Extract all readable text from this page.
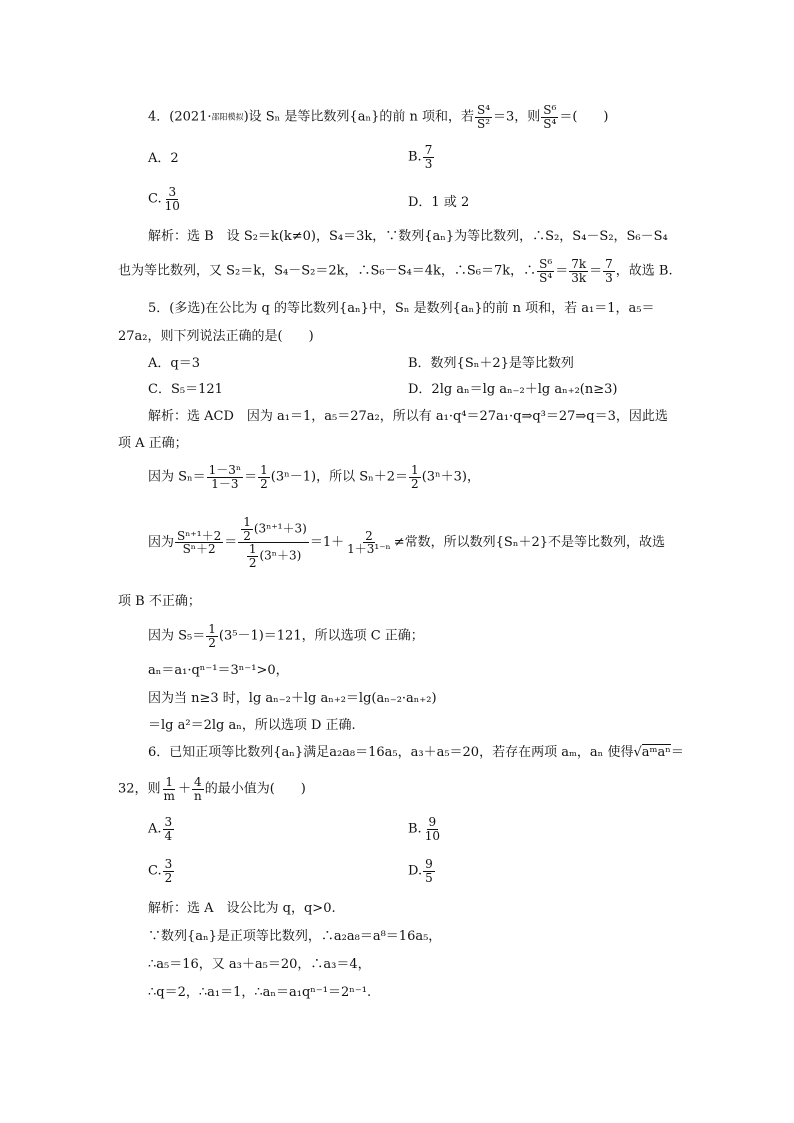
4．(2021·邵阳模拟)设 Sₙ 是等比数列{aₙ}的前 n 项和，若 $\frac{\text{S⁴}}{\text{S²}} =3$，则 $\frac{\text{S⁶}}{\text{S⁴}}$ ＝(　　)
A．2	B. $\frac{7}{3}$
C. $\frac{3}{10}$	D．1 或 2
解析：选 B　设 S₂＝k(k≠0)，S₄＝3k，∵数列{aₙ}为等比数列，∴S₂，S₄－S₂，S₆－S₄
也为等比数列，又 S₂＝k，S₄－S₂＝2k，∴S₆－S₄＝4k，∴S₆＝7k，∴ $\frac{\text{S⁶}}{\text{S⁴}} = \frac{7k}{3k} = \frac{7}{3}$ ，故选 B.
5．(多选)在公比为 q 的等比数列{aₙ}中，Sₙ 是数列{aₙ}的前 n 项和，若 a₁＝1，a₅＝
27a₂，则下列说法正确的是(　　)
A．q＝3	B．数列{Sₙ＋2}是等比数列
C．S₅＝121	D．2lg aₙ＝lg aₙ₋₂＋lg aₙ₊₂(n≥3)
解析：选 ACD　因为 a₁＝1，a₅＝27a₂，所以有 a₁·q⁴＝27a₁·q⇒q³＝27⇒q＝3，因此选
项 A 正确；
因为 $S_n= \frac{\text{1－3ⁿ}}{1-3} = \frac{1}{2} (3^n-1)$，所以 $S_n+2= \frac{1}{2} (3^n+3)$，
因为 $\frac{\text{Sⁿ⁺¹＋2}}{\text{Sⁿ＋2}} = \frac{\frac{1}{2} (3^{n+1}+3)}{\frac{1}{2} (3^n+3)} =1+ \frac{2}{\text{1＋3¹⁻ⁿ}}$ ≠常数，所以数列{Sₙ＋2}不是等比数列，故选
项 B 不正确；
因为 $S_5= \frac{1}{2} (3^5-1)=121$，所以选项 C 正确；
aₙ＝a₁·qⁿ⁻¹＝3ⁿ⁻¹>0，
因为当 n≥3 时，lg aₙ₋₂＋lg aₙ₊₂＝lg(aₙ₋₂·aₙ₊₂)
＝lg a²＝2lg aₙ，所以选项 D 正确.
6．已知正项等比数列{aₙ}满足a₂a₈＝16a₅，a₃＋a₅＝20，若存在两项 aₘ，aₙ 使得√aᵐaⁿ＝
32，则 $\frac{1}{m} + \frac{4}{n}$ 的最小值为(　　)
A. $\frac{3}{4}$	B. $\frac{9}{10}$
C. $\frac{3}{2}$	D. $\frac{9}{5}$
解析：选 A　设公比为 q，q>0.
∵数列{aₙ}是正项等比数列，∴a₂a₈＝a⁸＝16a₅，
∴a₅＝16，又 a₃＋a₅＝20，∴a₃＝4，
∴q＝2，∴a₁＝1，∴aₙ＝a₁qⁿ⁻¹＝2ⁿ⁻¹.
